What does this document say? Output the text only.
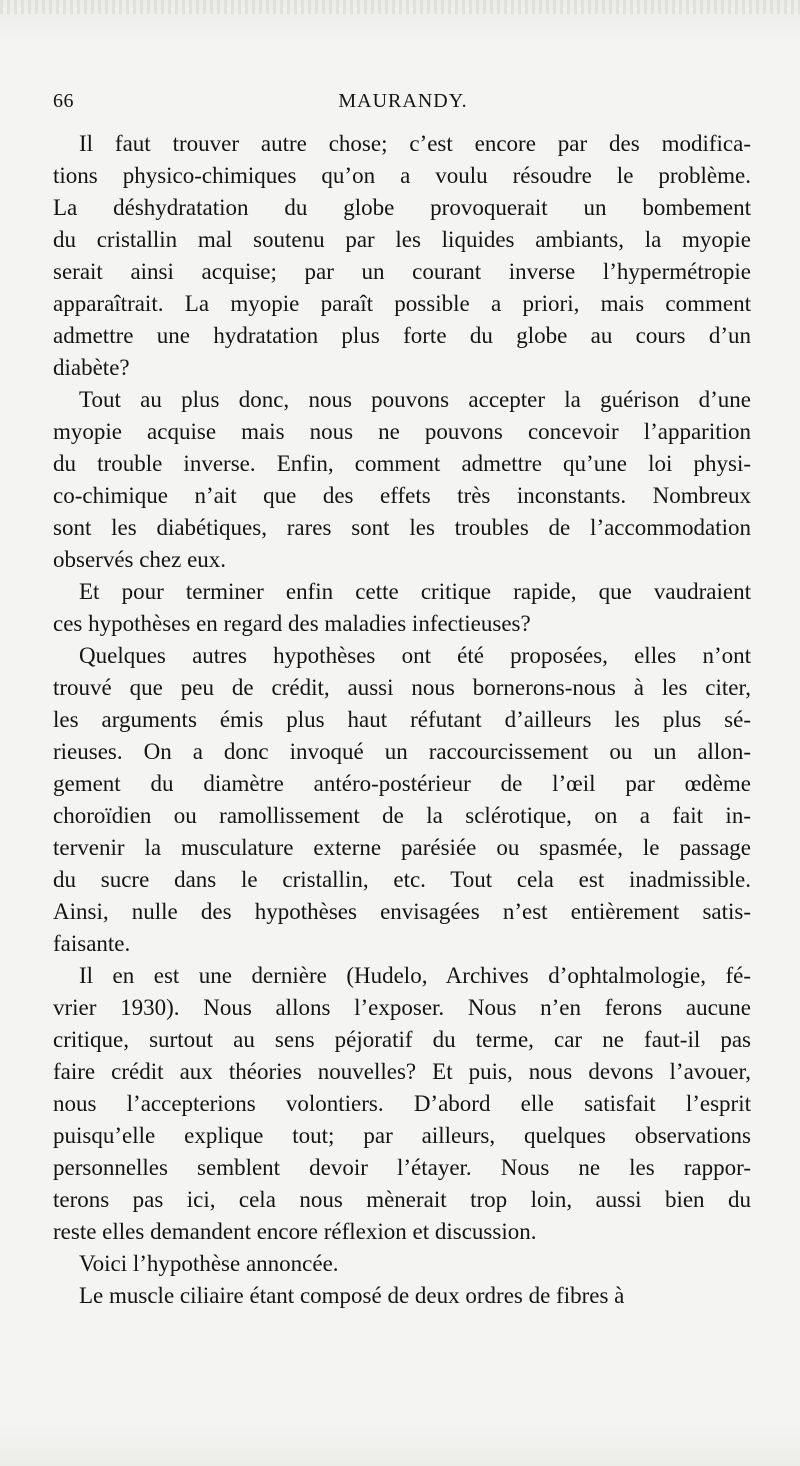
66	MAURANDY.
Il faut trouver autre chose; c’est encore par des modifica-
tions physico-chimiques qu’on a voulu résoudre le problème.
La déshydratation du globe provoquerait un bombement
du cristallin mal soutenu par les liquides ambiants, la myopie
serait ainsi acquise; par un courant inverse l’hypermétropie
apparaîtrait. La myopie paraît possible a priori, mais comment
admettre une hydratation plus forte du globe au cours d’un
diabète?
Tout au plus donc, nous pouvons accepter la guérison d’une
myopie acquise mais nous ne pouvons concevoir l’apparition
du trouble inverse. Enfin, comment admettre qu’une loi physi-
co-chimique n’ait que des effets très inconstants. Nombreux
sont les diabétiques, rares sont les troubles de l’accommodation
observés chez eux.
Et pour terminer enfin cette critique rapide, que vaudraient
ces hypothèses en regard des maladies infectieuses?
Quelques autres hypothèses ont été proposées, elles n’ont
trouvé que peu de crédit, aussi nous bornerons-nous à les citer,
les arguments émis plus haut réfutant d’ailleurs les plus sé-
rieuses. On a donc invoqué un raccourcissement ou un allon-
gement du diamètre antéro-postérieur de l’œil par œdème
choroïdien ou ramollissement de la sclérotique, on a fait in-
tervenir la musculature externe parésiée ou spasmée, le passage
du sucre dans le cristallin, etc. Tout cela est inadmissible.
Ainsi, nulle des hypothèses envisagées n’est entièrement satis-
faisante.
Il en est une dernière (Hudelo, Archives d’ophtalmologie, fé-
vrier 1930). Nous allons l’exposer. Nous n’en ferons aucune
critique, surtout au sens péjoratif du terme, car ne faut-il pas
faire crédit aux théories nouvelles? Et puis, nous devons l’avouer,
nous l’accepterions volontiers. D’abord elle satisfait l’esprit
puisqu’elle explique tout; par ailleurs, quelques observations
personnelles semblent devoir l’étayer. Nous ne les rappor-
terons pas ici, cela nous mènerait trop loin, aussi bien du
reste elles demandent encore réflexion et discussion.
Voici l’hypothèse annoncée.
Le muscle ciliaire étant composé de deux ordres de fibres à
